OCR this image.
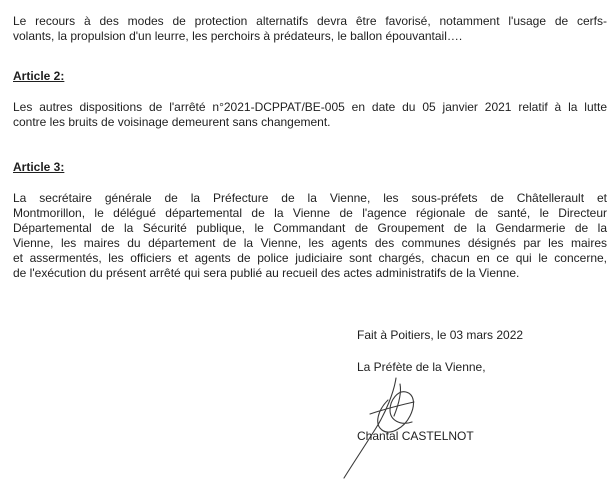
Le recours à des modes de protection alternatifs devra être favorisé, notamment l'usage de cerfs-
volants, la propulsion d'un leurre, les perchoirs à prédateurs, le ballon épouvantail….

Article 2:

Les autres dispositions de l'arrêté n°2021-DCPPAT/BE-005 en date du 05 janvier 2021 relatif à la lutte
contre les bruits de voisinage demeurent sans changement.

Article 3:

La secrétaire générale de la Préfecture de la Vienne, les sous-préfets de Châtellerault et
Montmorillon, le délégué départemental de la Vienne de l'agence régionale de santé, le Directeur
Départemental de la Sécurité publique, le Commandant de Groupement de la Gendarmerie de la
Vienne, les maires du département de la Vienne, les agents des communes désignés par les maires
et assermentés, les officiers et agents de police judiciaire sont chargés, chacun en ce qui le concerne,
de l'exécution du présent arrêté qui sera publié au recueil des actes administratifs de la Vienne.

Fait à Poitiers, le 03 mars 2022

La Préfète de la Vienne,

Chantal CASTELNOT
